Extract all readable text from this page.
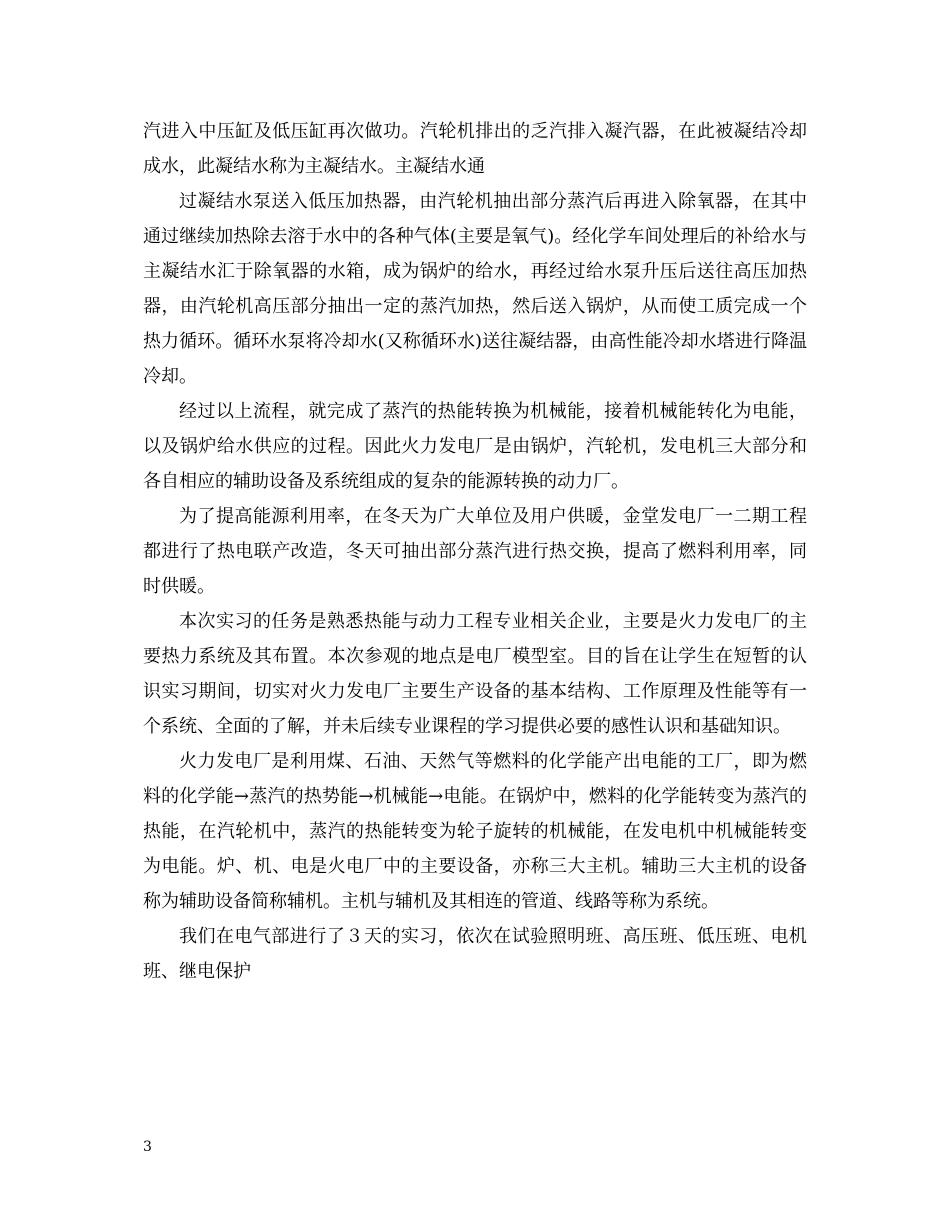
汽进入中压缸及低压缸再次做功。汽轮机排出的乏汽排入凝汽器，在此被凝结冷却成水，此凝结水称为主凝结水。主凝结水通

过凝结水泵送入低压加热器，由汽轮机抽出部分蒸汽后再进入除氧器，在其中通过继续加热除去溶于水中的各种气体(主要是氧气)。经化学车间处理后的补给水与主凝结水汇于除氧器的水箱，成为锅炉的给水，再经过给水泵升压后送往高压加热器，由汽轮机高压部分抽出一定的蒸汽加热，然后送入锅炉，从而使工质完成一个热力循环。循环水泵将冷却水(又称循环水)送往凝结器，由高性能冷却水塔进行降温冷却。

经过以上流程，就完成了蒸汽的热能转换为机械能，接着机械能转化为电能，以及锅炉给水供应的过程。因此火力发电厂是由锅炉，汽轮机，发电机三大部分和各自相应的辅助设备及系统组成的复杂的能源转换的动力厂。

为了提高能源利用率，在冬天为广大单位及用户供暖，金堂发电厂一二期工程都进行了热电联产改造，冬天可抽出部分蒸汽进行热交换，提高了燃料利用率，同时供暖。

本次实习的任务是熟悉热能与动力工程专业相关企业，主要是火力发电厂的主要热力系统及其布置。本次参观的地点是电厂模型室。目的旨在让学生在短暂的认识实习期间，切实对火力发电厂主要生产设备的基本结构、工作原理及性能等有一个系统、全面的了解，并未后续专业课程的学习提供必要的感性认识和基础知识。

火力发电厂是利用煤、石油、天然气等燃料的化学能产出电能的工厂，即为燃料的化学能→蒸汽的热势能→机械能→电能。在锅炉中，燃料的化学能转变为蒸汽的热能，在汽轮机中，蒸汽的热能转变为轮子旋转的机械能，在发电机中机械能转变为电能。炉、机、电是火电厂中的主要设备，亦称三大主机。辅助三大主机的设备称为辅助设备简称辅机。主机与辅机及其相连的管道、线路等称为系统。

我们在电气部进行了３天的实习，依次在试验照明班、高压班、低压班、电机班、继电保护

3
